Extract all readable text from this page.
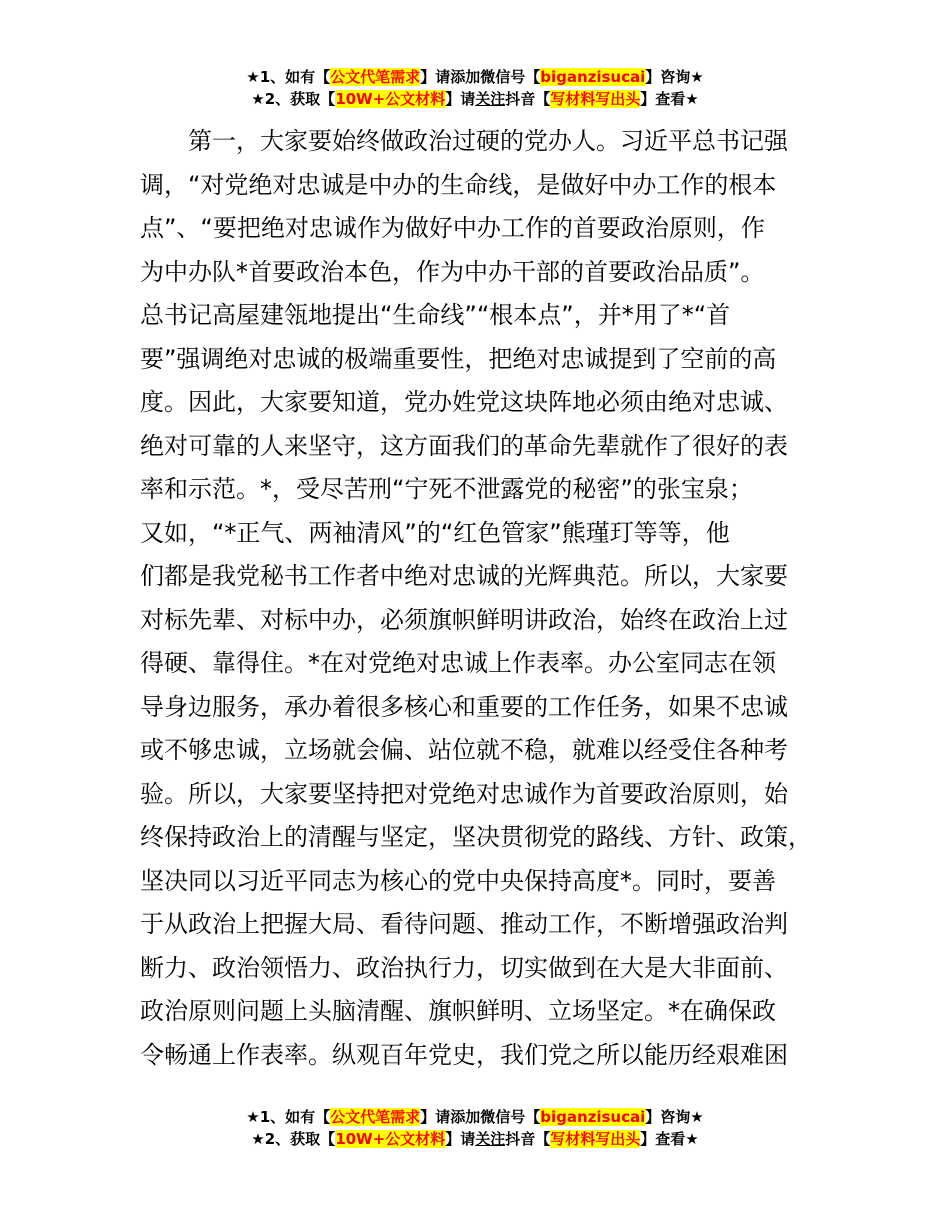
★1、如有【公文代笔需求】请添加微信号【biganzisucai】咨询★
★2、获取【10W+公文材料】请关注抖音【写材料写出头】查看★
　　第一，大家要始终做政治过硬的党办人。习近平总书记强
调，“对党绝对忠诚是中办的生命线，是做好中办工作的根本
点”、“要把绝对忠诚作为做好中办工作的首要政治原则，作
为中办队*首要政治本色，作为中办干部的首要政治品质”。
总书记高屋建瓴地提出“生命线”“根本点”，并*用了*“首
要”强调绝对忠诚的极端重要性，把绝对忠诚提到了空前的高
度。因此，大家要知道，党办姓党这块阵地必须由绝对忠诚、
绝对可靠的人来坚守，这方面我们的革命先辈就作了很好的表
率和示范。*，受尽苦刑“宁死不泄露党的秘密”的张宝泉；
又如，“*正气、两袖清风”的“红色管家”熊瑾玎等等，他
们都是我党秘书工作者中绝对忠诚的光辉典范。所以，大家要
对标先辈、对标中办，必须旗帜鲜明讲政治，始终在政治上过
得硬、靠得住。*在对党绝对忠诚上作表率。办公室同志在领
导身边服务，承办着很多核心和重要的工作任务，如果不忠诚
或不够忠诚，立场就会偏、站位就不稳，就难以经受住各种考
验。所以，大家要坚持把对党绝对忠诚作为首要政治原则，始
终保持政治上的清醒与坚定，坚决贯彻党的路线、方针、政策，
坚决同以习近平同志为核心的党中央保持高度*。同时，要善
于从政治上把握大局、看待问题、推动工作，不断增强政治判
断力、政治领悟力、政治执行力，切实做到在大是大非面前、
政治原则问题上头脑清醒、旗帜鲜明、立场坚定。*在确保政
令畅通上作表率。纵观百年党史，我们党之所以能历经艰难困
★1、如有【公文代笔需求】请添加微信号【biganzisucai】咨询★
★2、获取【10W+公文材料】请关注抖音【写材料写出头】查看★
